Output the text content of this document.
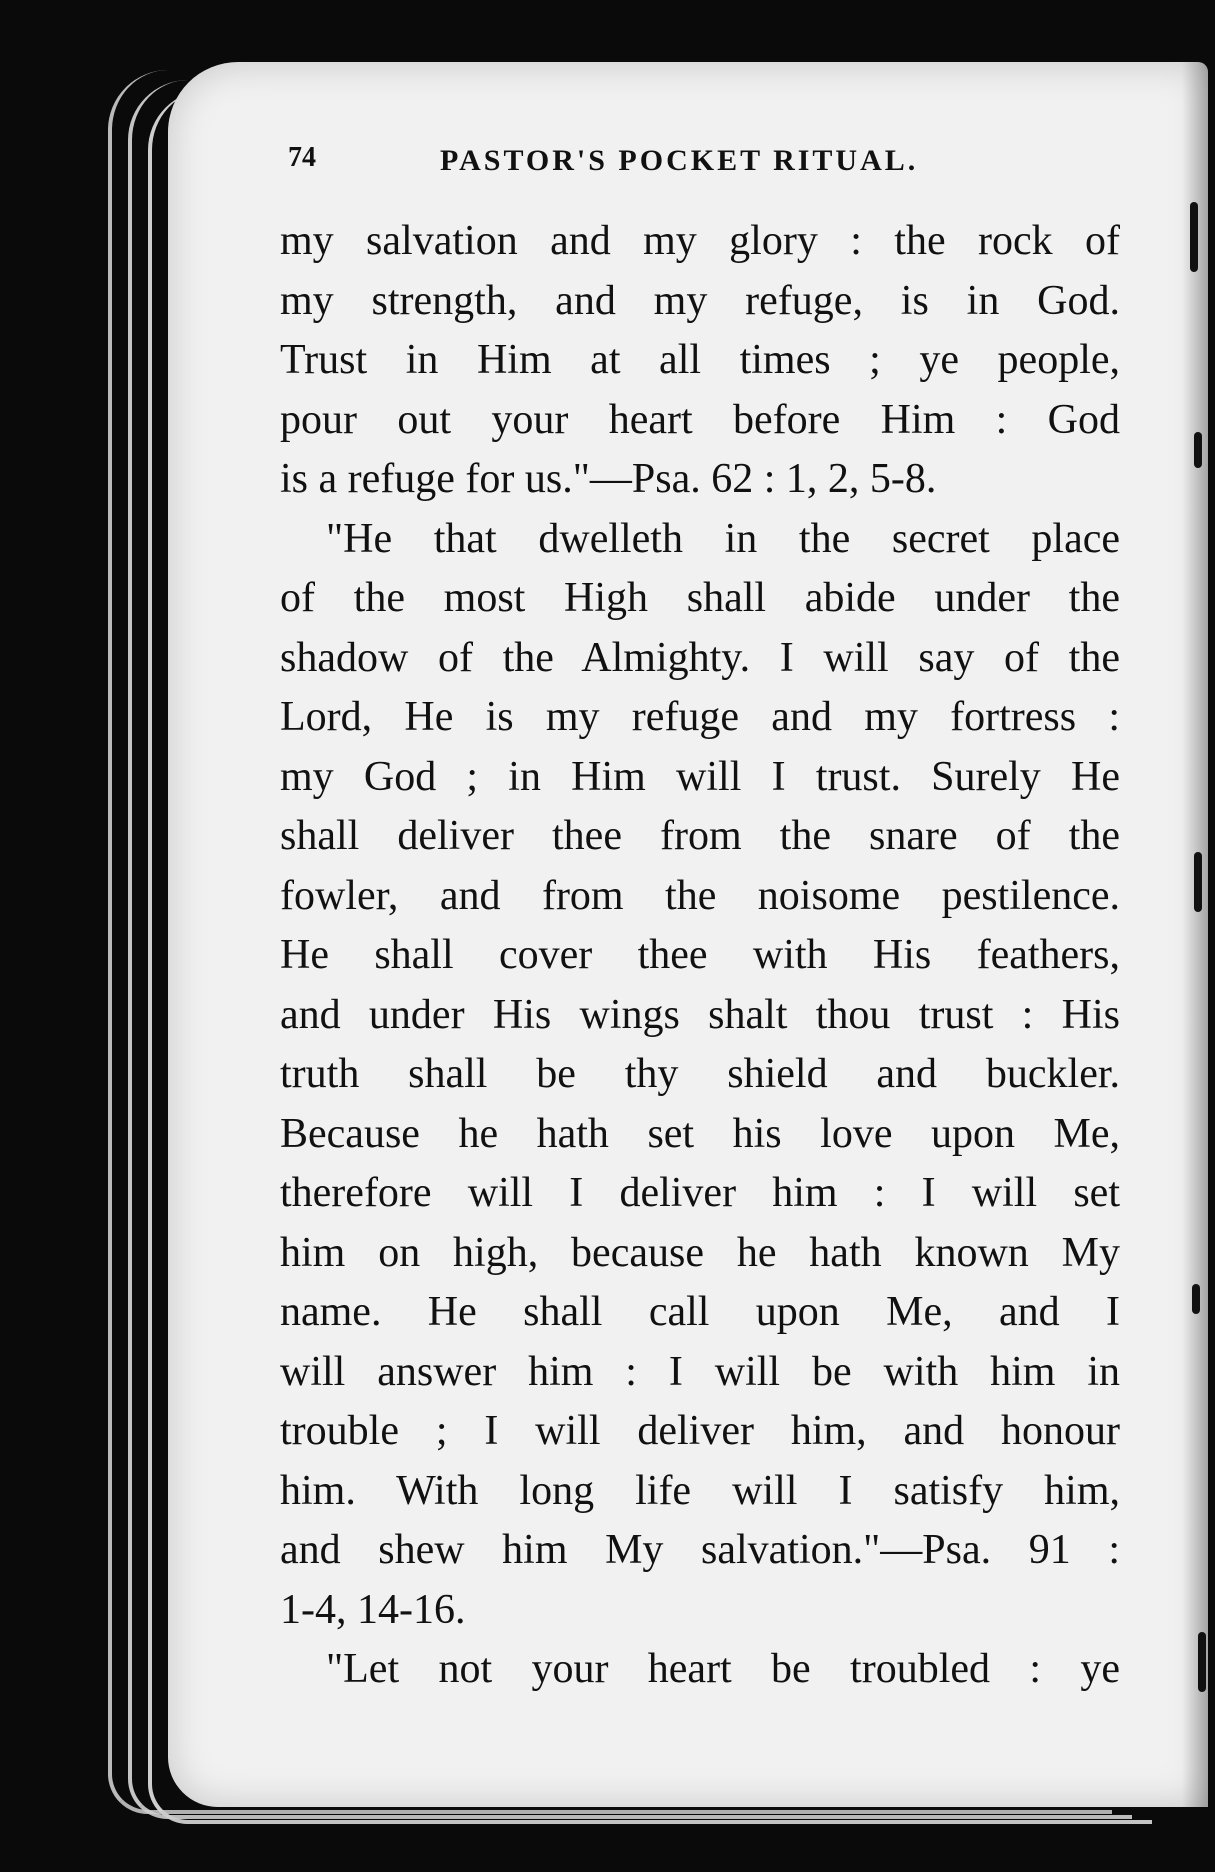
74	PASTOR'S POCKET RITUAL.
my salvation and my glory : the rock of
my strength, and my refuge, is in God.
Trust in Him at all times ; ye people,
pour out your heart before Him : God
is a refuge for us."—Psa. 62 : 1, 2, 5-8.
"He that dwelleth in the secret place
of the most High shall abide under the
shadow of the Almighty. I will say of the
Lord, He is my refuge and my fortress :
my God ; in Him will I trust. Surely He
shall deliver thee from the snare of the
fowler, and from the noisome pestilence.
He shall cover thee with His feathers,
and under His wings shalt thou trust : His
truth shall be thy shield and buckler.
Because he hath set his love upon Me,
therefore will I deliver him : I will set
him on high, because he hath known My
name. He shall call upon Me, and I
will answer him : I will be with him in
trouble ; I will deliver him, and honour
him. With long life will I satisfy him,
and shew him My salvation."—Psa. 91 :
1-4, 14-16.
"Let not your heart be troubled : ye
